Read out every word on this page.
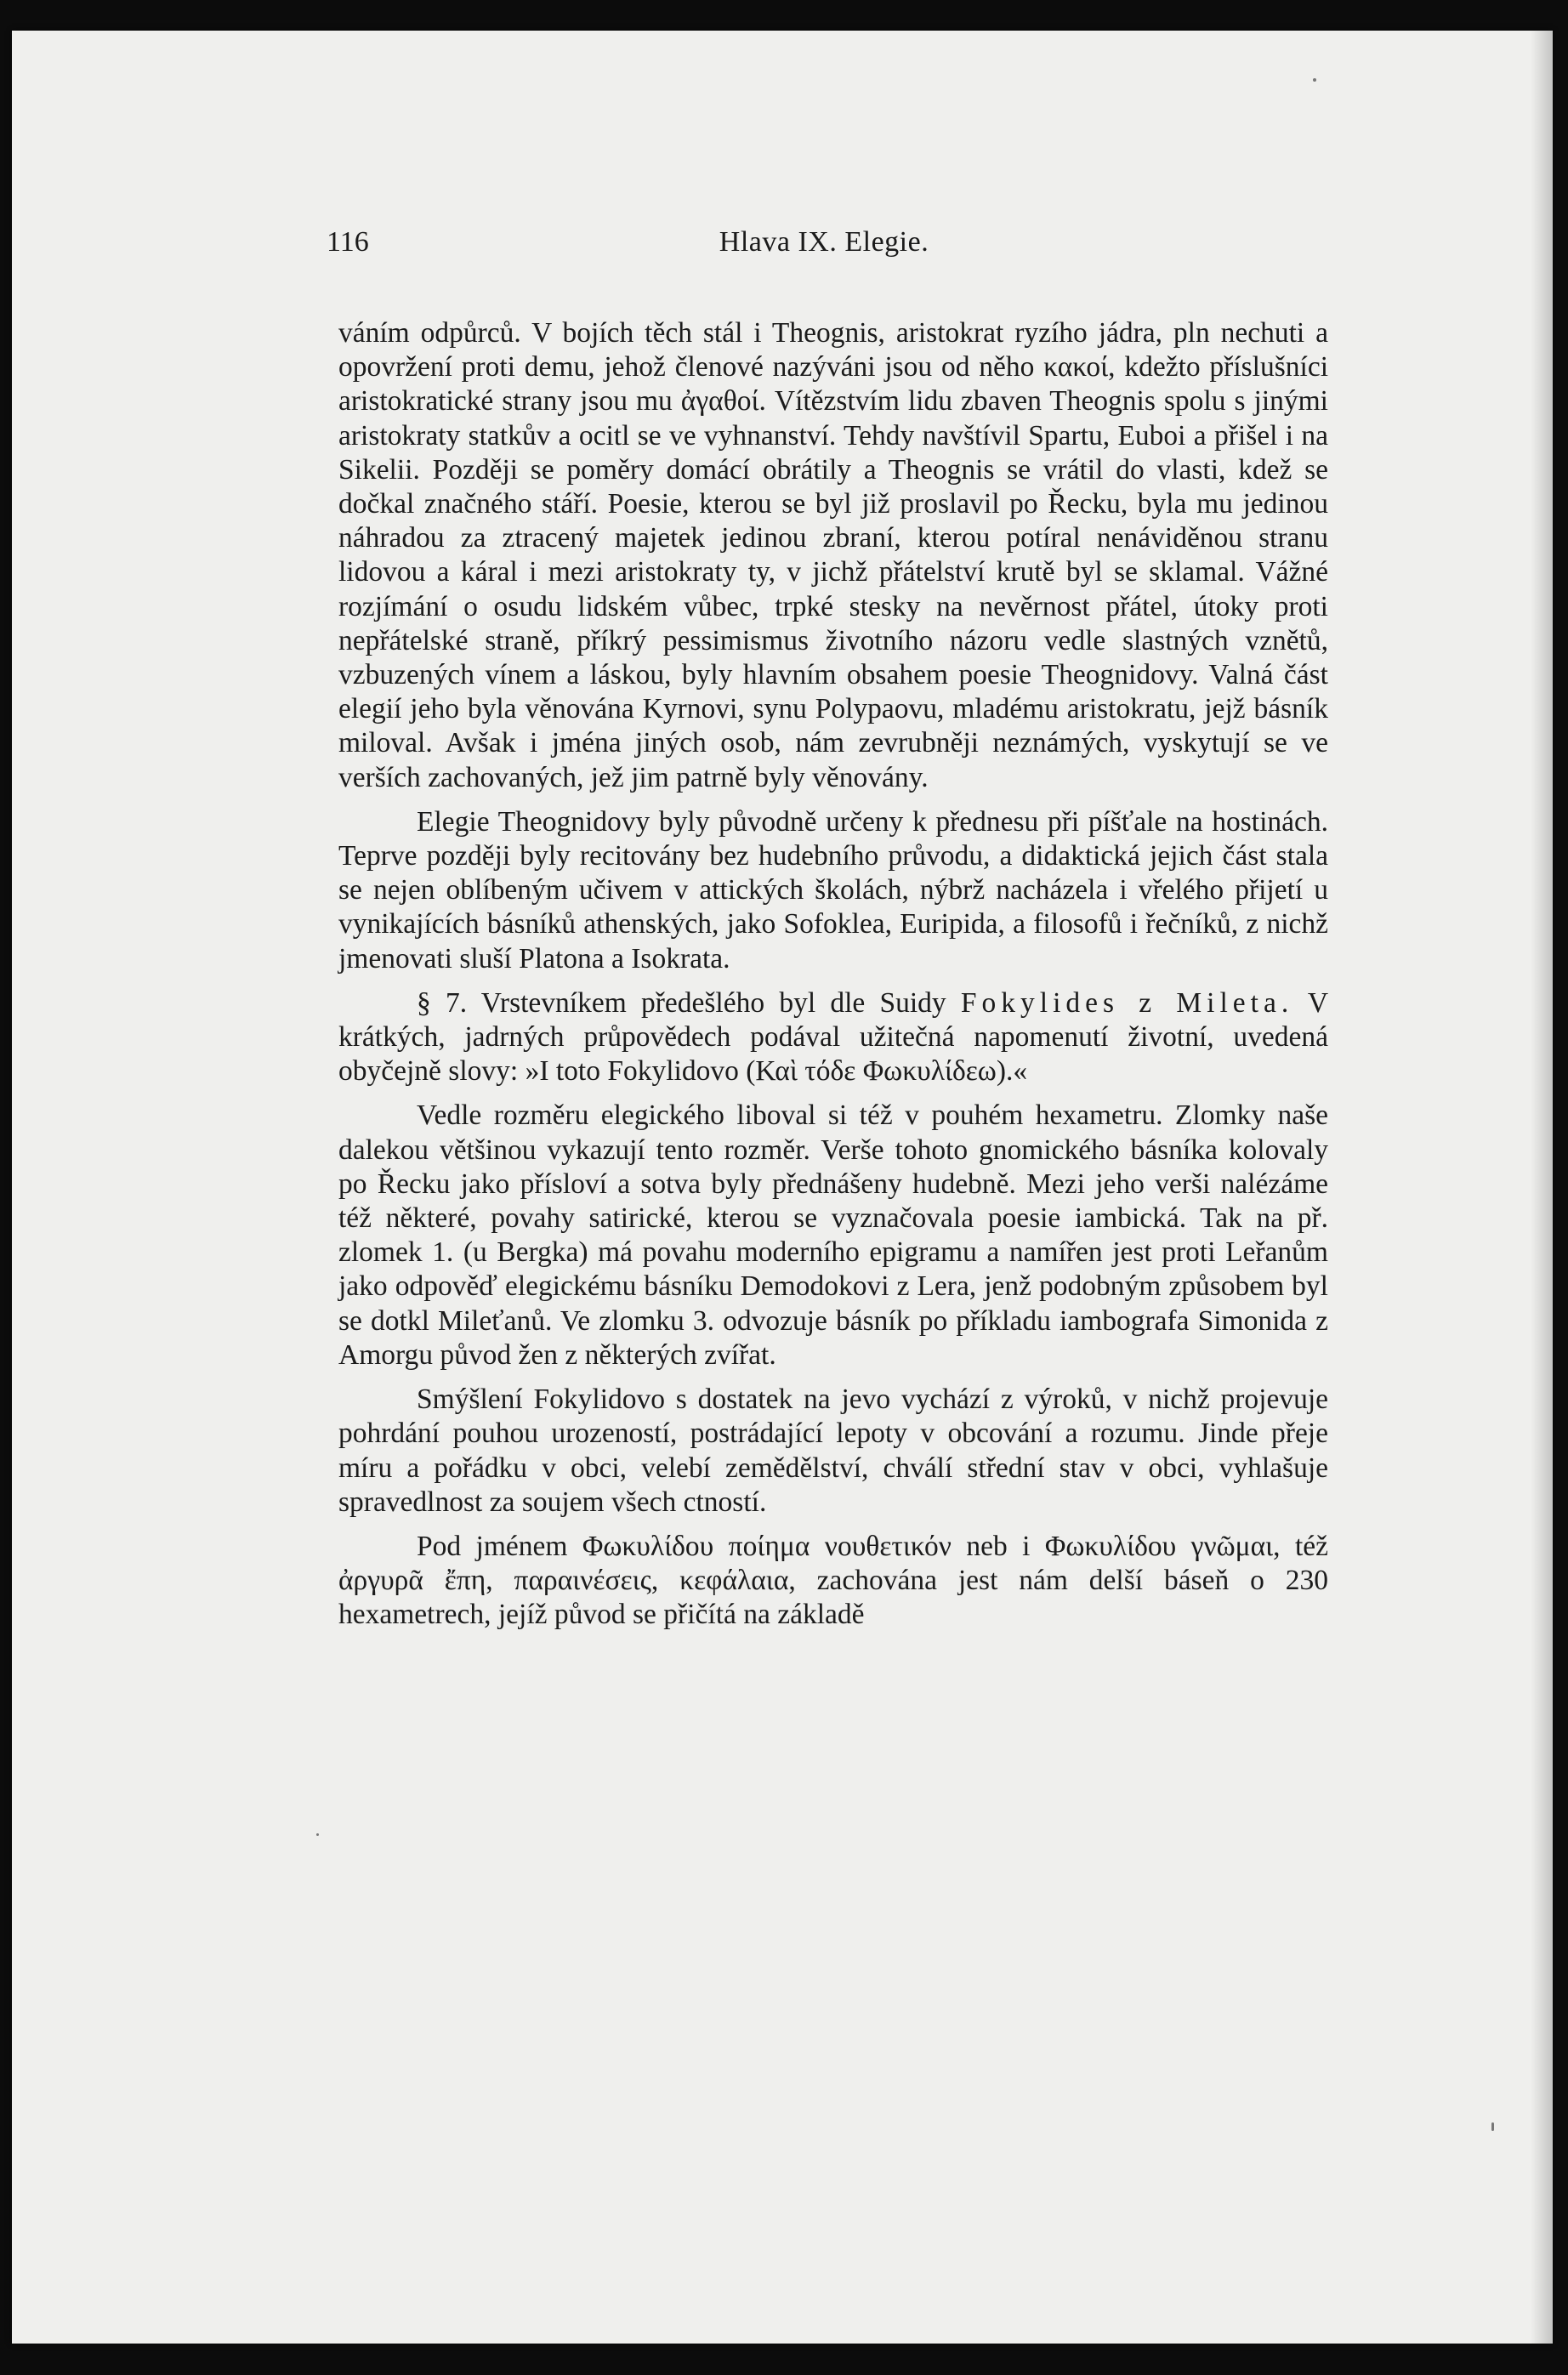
116	Hlava IX. Elegie.

váním odpůrců. V bojích těch stál i Theognis, aristokrat ryzího jádra, pln nechuti a opovržení proti demu, jehož členové nazýváni jsou od něho κακοί, kdežto příslušníci aristokratické strany jsou mu ἀγαθοί. Vítězstvím lidu zbaven Theognis spolu s jinými aristokraty statkův a ocitl se ve vyhnanství. Tehdy navštívil Spartu, Euboi a přišel i na Sikelii. Později se poměry domácí obrátily a Theognis se vrátil do vlasti, kdež se dočkal značného stáří. Poesie, kterou se byl již proslavil po Řecku, byla mu jedinou náhradou za ztracený majetek jedinou zbraní, kterou potíral nenáviděnou stranu lidovou a káral i mezi aristokraty ty, v jichž přátelství krutě byl se sklamal. Vážné rozjímání o osudu lidském vůbec, trpké stesky na nevěrnost přátel, útoky proti nepřátelské straně, příkrý pessimismus životního názoru vedle slastných vznětů, vzbuzených vínem a láskou, byly hlavním obsahem poesie Theognidovy. Valná část elegií jeho byla věnována Kyrnovi, synu Polypaovu, mladému aristokratu, jejž básník miloval. Avšak i jména jiných osob, nám zevrubněji neznámých, vyskytují se ve verších zachovaných, jež jim patrně byly věnovány.

Elegie Theognidovy byly původně určeny k přednesu při píšťale na hostinách. Teprve později byly recitovány bez hudebního průvodu, a didaktická jejich část stala se nejen oblíbeným učivem v attických školách, nýbrž nacházela i vřelého přijetí u vynikajících básníků athenských, jako Sofoklea, Euripida, a filosofů i řečníků, z nichž jmenovati sluší Platona a Isokrata.

§ 7. Vrstevníkem předešlého byl dle Suidy Fokylides z Mileta. V krátkých, jadrných průpovědech podával užitečná napomenutí životní, uvedená obyčejně slovy: »I toto Fokylidovo (Καὶ τόδε Φωκυλίδεω).«

Vedle rozměru elegického liboval si též v pouhém hexametru. Zlomky naše dalekou většinou vykazují tento rozměr. Verše tohoto gnomického básníka kolovaly po Řecku jako přísloví a sotva byly přednášeny hudebně. Mezi jeho verši nalézáme též některé, povahy satirické, kterou se vyznačovala poesie iambická. Tak na př. zlomek 1. (u Bergka) má povahu moderního epigramu a namířen jest proti Leřanům jako odpověď elegickému básníku Demodokovi z Lera, jenž podobným způsobem byl se dotkl Mileťanů. Ve zlomku 3. odvozuje básník po příkladu iambografa Simonida z Amorgu původ žen z některých zvířat.

Smýšlení Fokylidovo s dostatek na jevo vychází z výroků, v nichž projevuje pohrdání pouhou urozeností, postrádající lepoty v obcování a rozumu. Jinde přeje míru a pořádku v obci, velebí zemědělství, chválí střední stav v obci, vyhlašuje spravedlnost za soujem všech ctností.

Pod jménem Φωκυλίδου ποίημα νουθετικόν neb i Φωκυλίδου γνῶμαι, též ἀργυρᾶ ἔπη, παραινέσεις, κεφάλαια, zachována jest nám delší báseň o 230 hexametrech, jejíž původ se přičítá na základě
